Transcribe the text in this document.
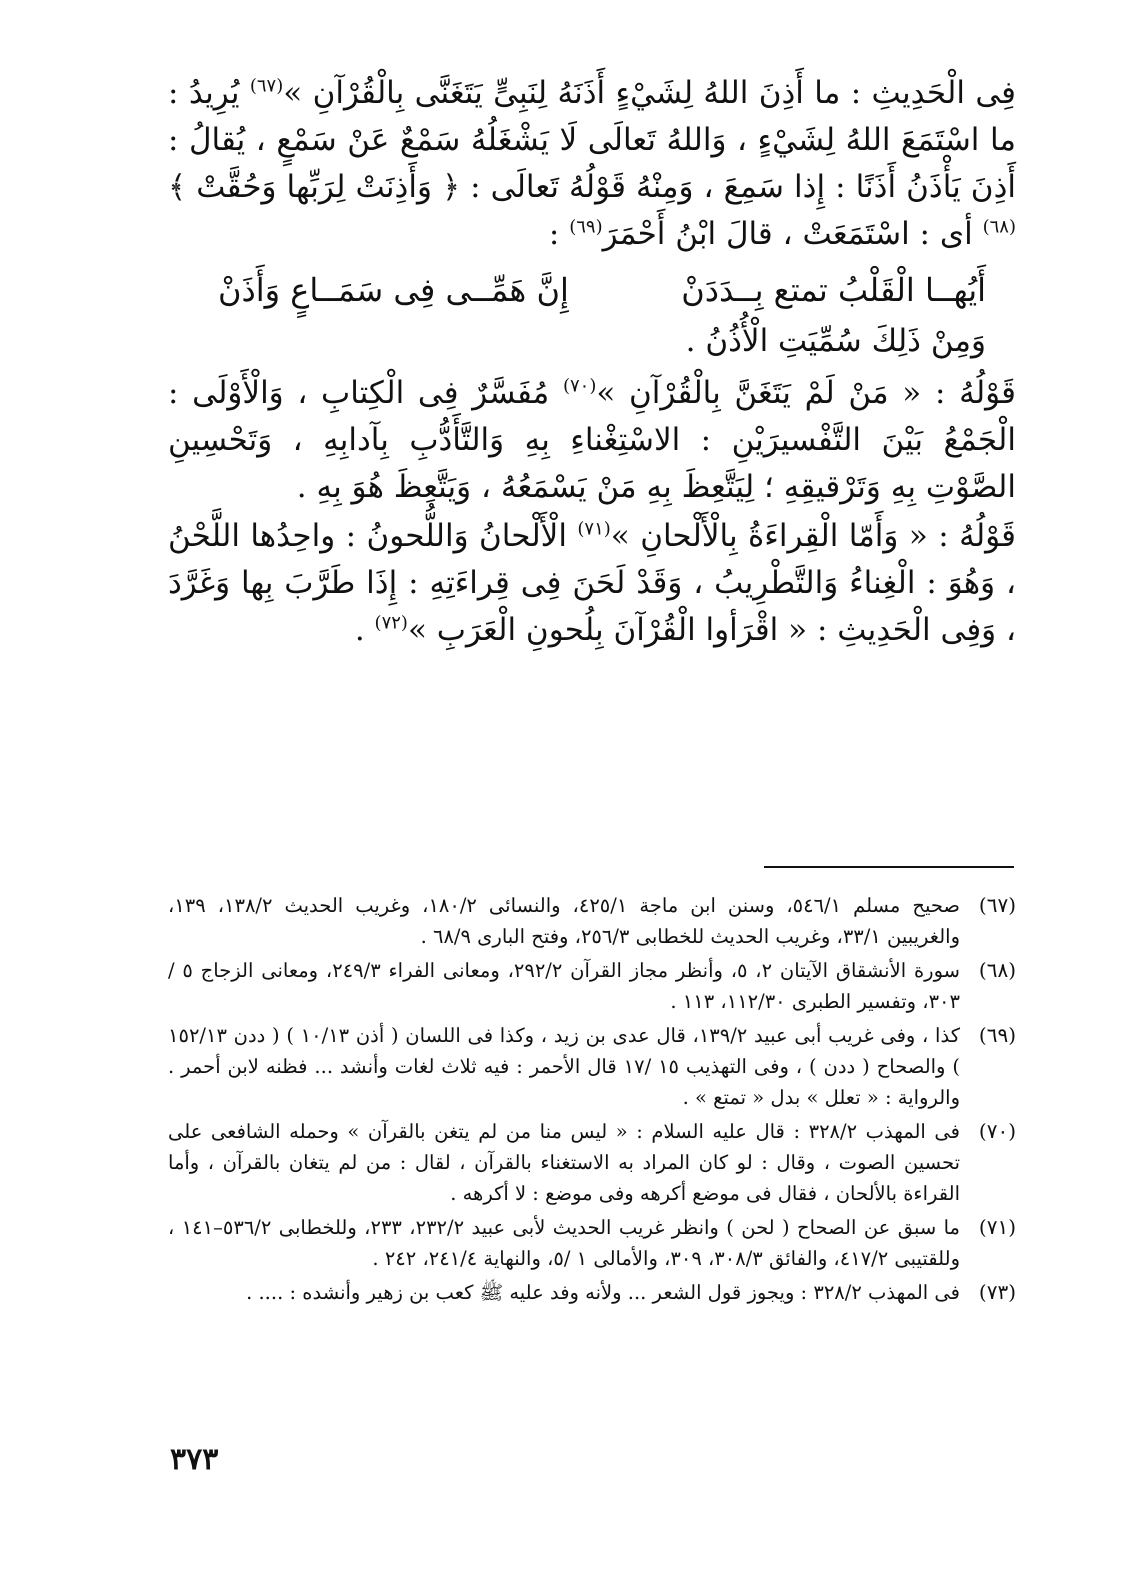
فِى الْحَدِيثِ : ما أَذِنَ اللهُ لِشَيْءٍ أَذَنَهُ لِنَبِىٍّ يَتَغَنَّى بِالْقُرْآنِ »$^{(٦٧)}$ يُرِيدُ : ما اسْتَمَعَ اللهُ لِشَيْءٍ ، وَاللهُ تَعالَى لَا يَشْغَلُهُ سَمْعٌ عَنْ سَمْعٍ ، يُقالُ : أَذِنَ يَأْذَنُ أَذَنًا : إِذا سَمِعَ ، وَمِنْهُ قَوْلُهُ تَعالَى : ﴿ وَأَذِنَتْ لِرَبِّها وَحُقَّتْ ﴾$^{(٦٨)}$ أى : اسْتَمَعَتْ ، قالَ ابْنُ أَحْمَرَ$^{(٦٩)}$ :

أَيُهــا الْقَلْبُ تمتع بِــدَدَنْ
إِنَّ هَمِّــى فِى سَمَــاعٍ وَأَذَنْ
وَمِنْ ذَلِكَ سُمِّيَتِ الْأُذُنُ .

قَوْلُهُ : « مَنْ لَمْ يَتَغَنَّ بِالْقُرْآنِ »$^{(٧٠)}$ مُفَسَّرٌ فِى الْكِتابِ ، وَالْأَوْلَى : الْجَمْعُ بَيْنَ التَّفْسيرَيْنِ : الاسْتِغْناءِ بِهِ وَالتَّأَدُّبِ بِآدابِهِ ، وَتَحْسِينِ الصَّوْتِ بِهِ وَتَرْقيقِهِ ؛ لِيَتَّعِظَ بِهِ مَنْ يَسْمَعُهُ ، وَيَتَّعِظَ هُوَ بِهِ .

قَوْلُهُ : « وَأَمّا الْقِراءَةُ بِالْأَلْحانِ »$^{(٧١)}$ الْأَلْحانُ وَاللُّحونُ : واحِدُها اللَّحْنُ ، وَهُوَ : الْغِناءُ وَالتَّطْرِيبُ ، وَقَدْ لَحَنَ فِى قِراءَتِهِ : إِذَا طَرَّبَ بِها وَغَرَّدَ ، وَفِى الْحَدِيثِ : « اقْرَأوا الْقُرْآنَ بِلُحونِ الْعَرَبِ »$^{(٧٢)}$ .

(٦٧)
صحيح مسلم ٥٤٦/١، وسنن ابن ماجة ٤٢٥/١، والنسائى ١٨٠/٢، وغريب الحديث ١٣٨/٢، ١٣٩، والغريبين ٣٣/١، وغريب الحديث للخطابى ٢٥٦/٣، وفتح البارى ٦٨/٩ .
(٦٨)
سورة الأنشقاق الآيتان ٢، ٥، وأنظر مجاز القرآن ٢٩٢/٢، ومعانى الفراء ٢٤٩/٣، ومعانى الزجاج ٥ /٣٠٣، وتفسير الطبرى ١١٢/٣٠، ١١٣ .
(٦٩)
كذا ، وفى غريب أبى عبيد ١٣٩/٢، قال عدى بن زيد ، وكذا فى اللسان ( أذن ١٠/١٣ ) ( ددن ١٥٢/١٣ ) والصحاح ( ددن ) ، وفى التهذيب ١٥ /١٧ قال الأحمر : فيه ثلاث لغات وأنشد ... فظنه لابن أحمر . والرواية : « تعلل » بدل « تمتع » .
(٧٠)
فى المهذب ٣٢٨/٢ : قال عليه السلام : « ليس منا من لم يتغن بالقرآن » وحمله الشافعى على تحسين الصوت ، وقال : لو كان المراد به الاستغناء بالقرآن ، لقال : من لم يتغان بالقرآن ، وأما القراءة بالألحان ، فقال فى موضع أكرهه وفى موضع : لا أكرهه .
(٧١)
ما سبق عن الصحاح ( لحن ) وانظر غريب الحديث لأبى عبيد ٢٣٢/٢، ٢٣٣، وللخطابى ٥٣٦/٢–١٤١ ، وللقتيبى ٤١٧/٢، والفائق ٣٠٨/٣، ٣٠٩، والأمالى ١ /٥، والنهاية ٢٤١/٤، ٢٤٢ .
(٧٣)
فى المهذب ٣٢٨/٢ : ويجوز قول الشعر ... ولأنه وفد عليه ﷺ كعب بن زهير وأنشده : .... .
٣٧٣
